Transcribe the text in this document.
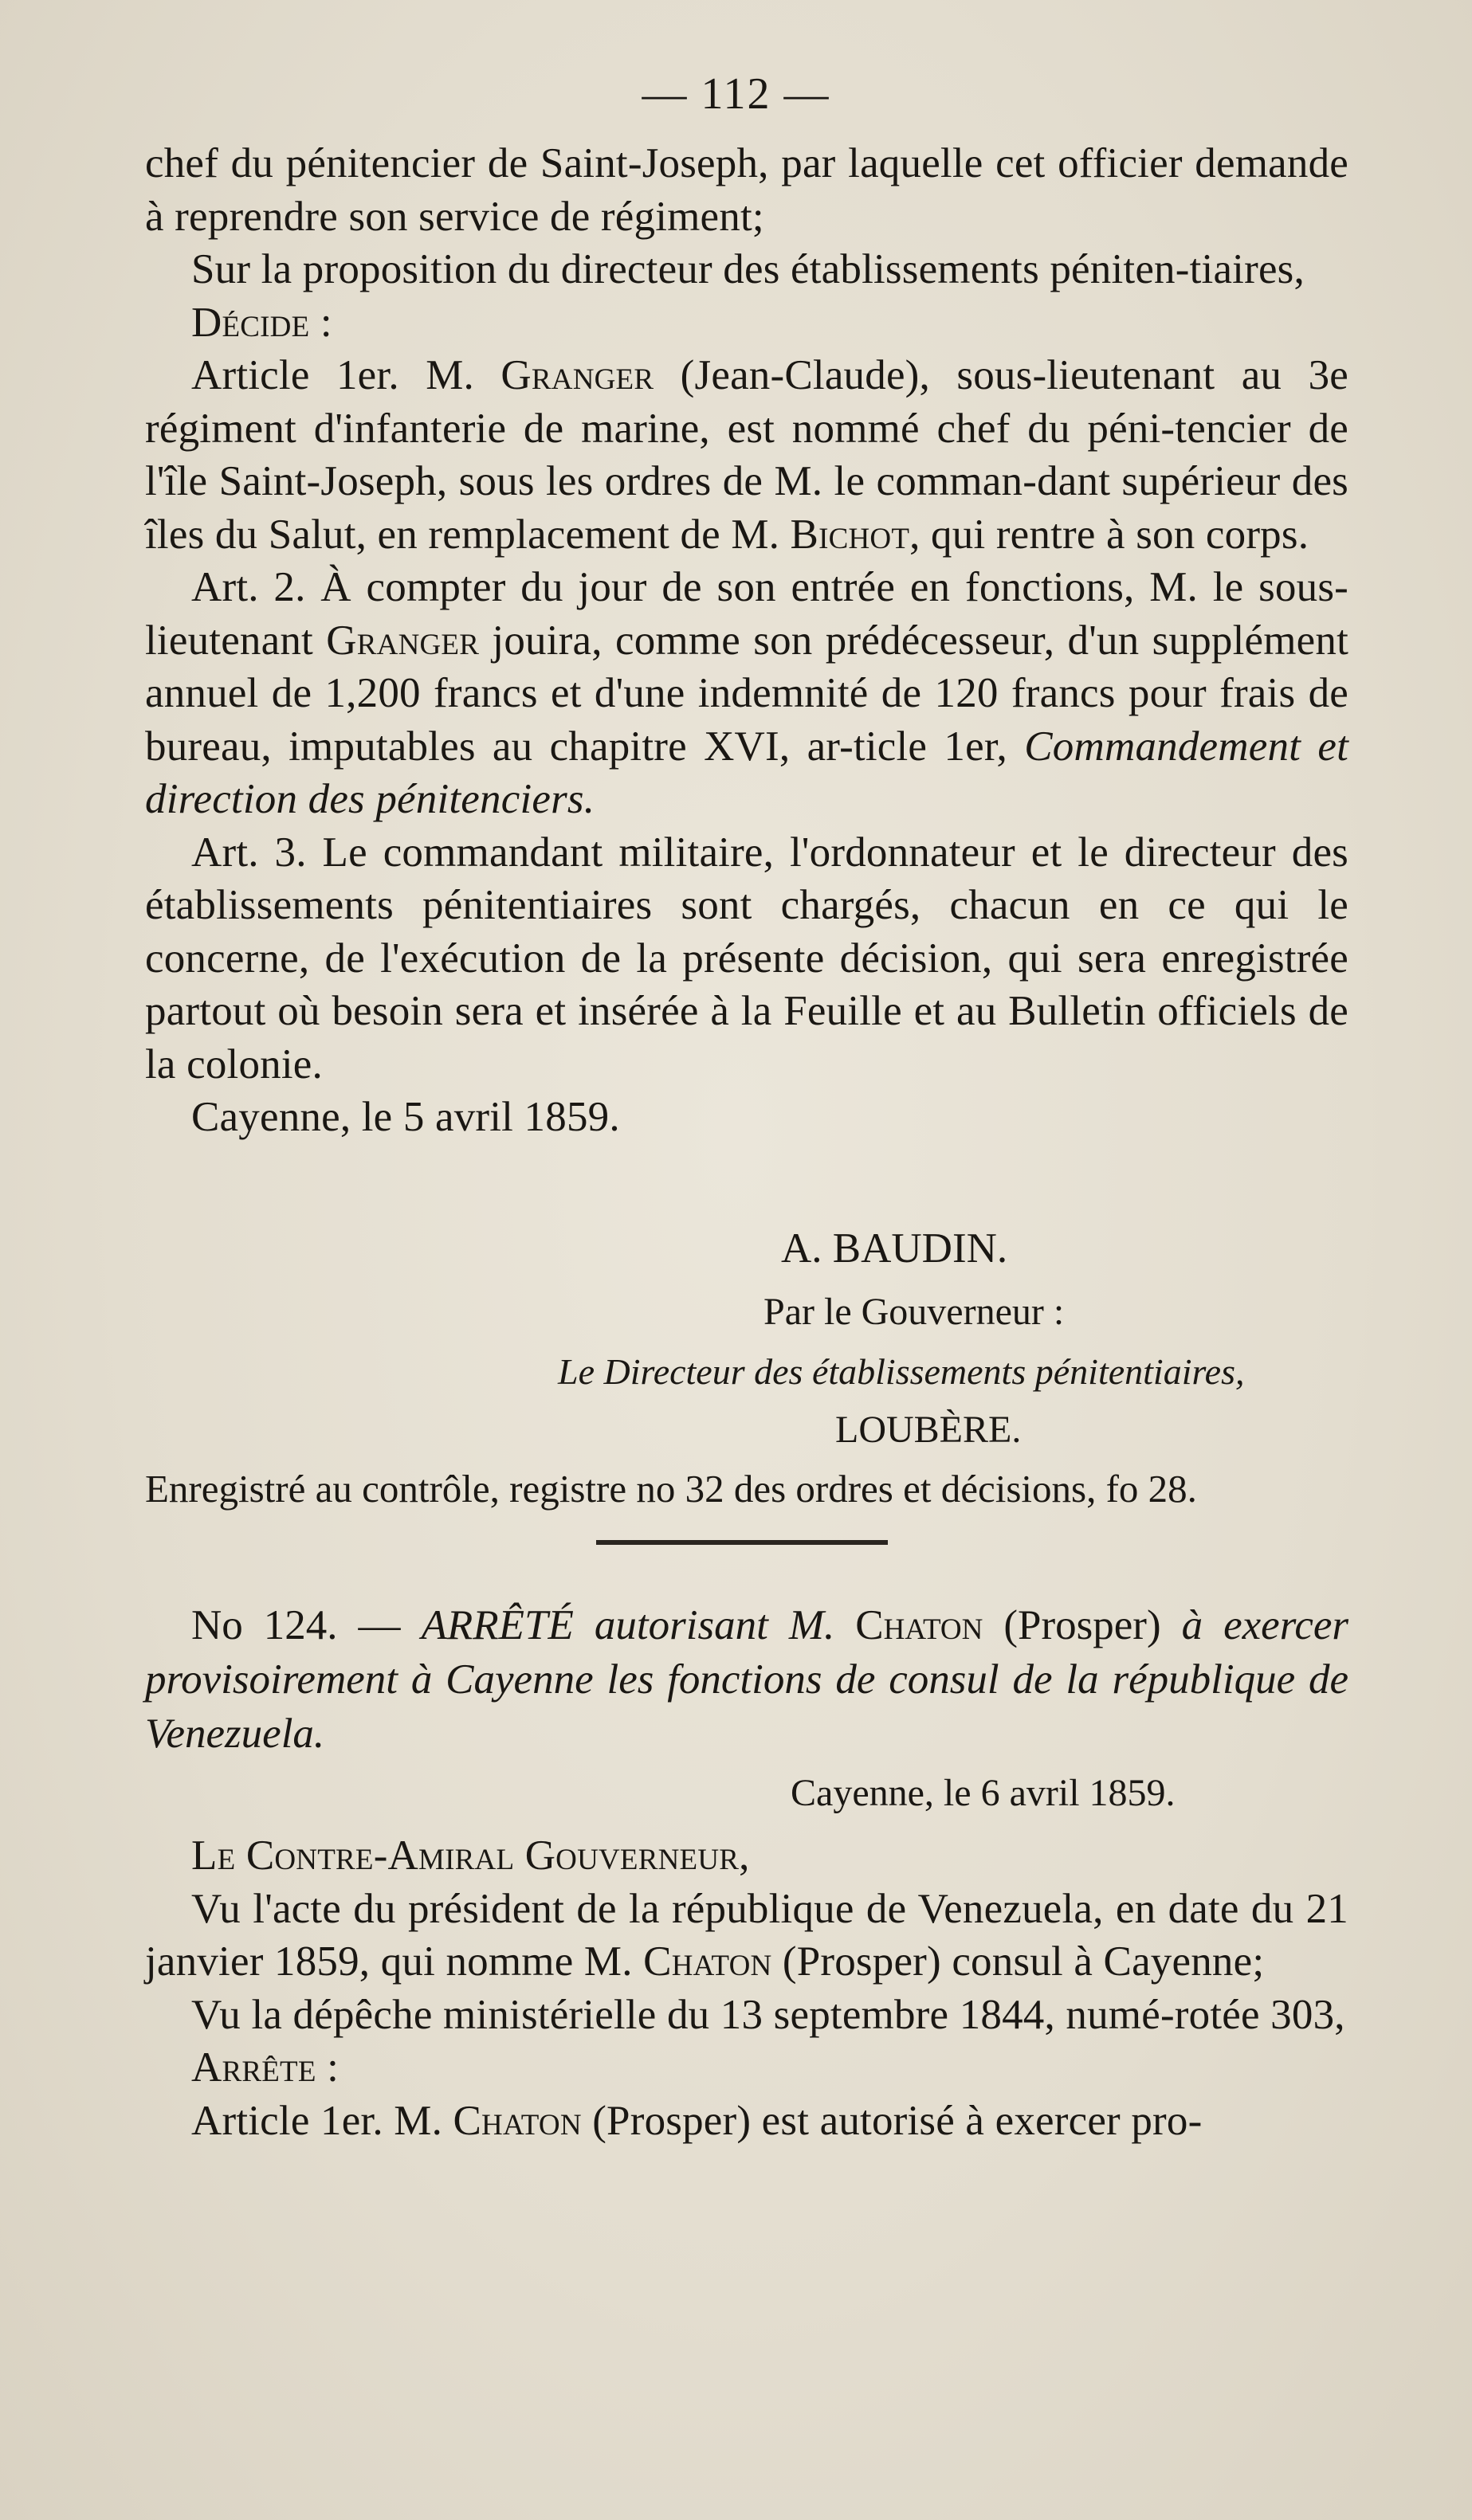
— 112 —

chef du pénitencier de Saint-Joseph, par laquelle cet officier demande à reprendre son service de régiment;

Sur la proposition du directeur des établissements péniten-tiaires,

Décide :

Article 1er. M. Granger (Jean-Claude), sous-lieutenant au 3e régiment d'infanterie de marine, est nommé chef du péni-tencier de l'île Saint-Joseph, sous les ordres de M. le comman-dant supérieur des îles du Salut, en remplacement de M. Bichot, qui rentre à son corps.

Art. 2. À compter du jour de son entrée en fonctions, M. le sous-lieutenant Granger jouira, comme son prédécesseur, d'un supplément annuel de 1,200 francs et d'une indemnité de 120 francs pour frais de bureau, imputables au chapitre XVI, ar-ticle 1er, Commandement et direction des pénitenciers.

Art. 3. Le commandant militaire, l'ordonnateur et le directeur des établissements pénitentiaires sont chargés, chacun en ce qui le concerne, de l'exécution de la présente décision, qui sera enregistrée partout où besoin sera et insérée à la Feuille et au Bulletin officiels de la colonie.

Cayenne, le 5 avril 1859.

A. BAUDIN.
Par le Gouverneur :
Le Directeur des établissements pénitentiaires,
LOUBÈRE.
Enregistré au contrôle, registre no 32 des ordres et décisions, fo 28.

No 124. — ARRÊTÉ autorisant M. Chaton (Prosper) à exercer provisoirement à Cayenne les fonctions de consul de la république de Venezuela.

Cayenne, le 6 avril 1859.

Le Contre-Amiral Gouverneur,

Vu l'acte du président de la république de Venezuela, en date du 21 janvier 1859, qui nomme M. Chaton (Prosper) consul à Cayenne;

Vu la dépêche ministérielle du 13 septembre 1844, numé-rotée 303,

Arrête :

Article 1er. M. Chaton (Prosper) est autorisé à exercer pro-
